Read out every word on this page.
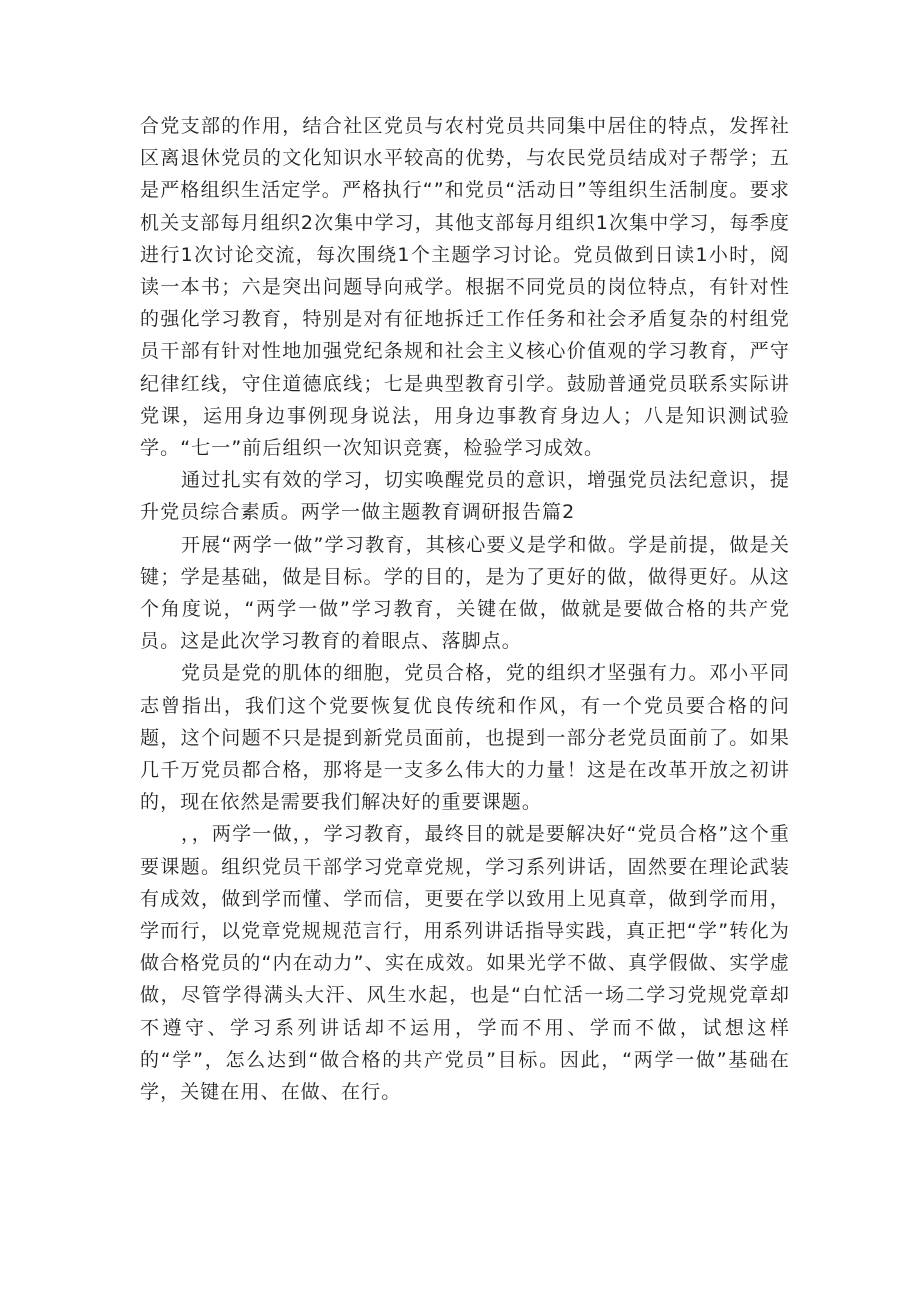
合党支部的作用，结合社区党员与农村党员共同集中居住的特点，发挥社区离退休党员的文化知识水平较高的优势，与农民党员结成对子帮学；五是严格组织生活定学。严格执行“”和党员“活动日”等组织生活制度。要求机关支部每月组织2次集中学习，其他支部每月组织1次集中学习，每季度进行1次讨论交流，每次围绕1个主题学习讨论。党员做到日读1小时，阅读一本书；六是突出问题导向戒学。根据不同党员的岗位特点，有针对性的强化学习教育，特别是对有征地拆迁工作任务和社会矛盾复杂的村组党员干部有针对性地加强党纪条规和社会主义核心价值观的学习教育，严守纪律红线，守住道德底线；七是典型教育引学。鼓励普通党员联系实际讲党课，运用身边事例现身说法，用身边事教育身边人；八是知识测试验学。“七一”前后组织一次知识竞赛，检验学习成效。

通过扎实有效的学习，切实唤醒党员的意识，增强党员法纪意识，提升党员综合素质。两学一做主题教育调研报告篇2

开展“两学一做”学习教育，其核心要义是学和做。学是前提，做是关键；学是基础，做是目标。学的目的，是为了更好的做，做得更好。从这个角度说，“两学一做”学习教育，关键在做，做就是要做合格的共产党员。这是此次学习教育的着眼点、落脚点。

党员是党的肌体的细胞，党员合格，党的组织才坚强有力。邓小平同志曾指出，我们这个党要恢复优良传统和作风，有一个党员要合格的问题，这个问题不只是提到新党员面前，也提到一部分老党员面前了。如果几千万党员都合格，那将是一支多么伟大的力量！这是在改革开放之初讲的，现在依然是需要我们解决好的重要课题。

，，两学一做，，学习教育，最终目的就是要解决好“党员合格”这个重要课题。组织党员干部学习党章党规，学习系列讲话，固然要在理论武装有成效，做到学而懂、学而信，更要在学以致用上见真章，做到学而用，学而行，以党章党规规范言行，用系列讲话指导实践，真正把“学”转化为做合格党员的“内在动力”、实在成效。如果光学不做、真学假做、实学虚做，尽管学得满头大汗、风生水起，也是“白忙活一场二学习党规党章却不遵守、学习系列讲话却不运用，学而不用、学而不做，试想这样的“学”，怎么达到“做合格的共产党员”目标。因此，“两学一做”基础在学，关键在用、在做、在行。
